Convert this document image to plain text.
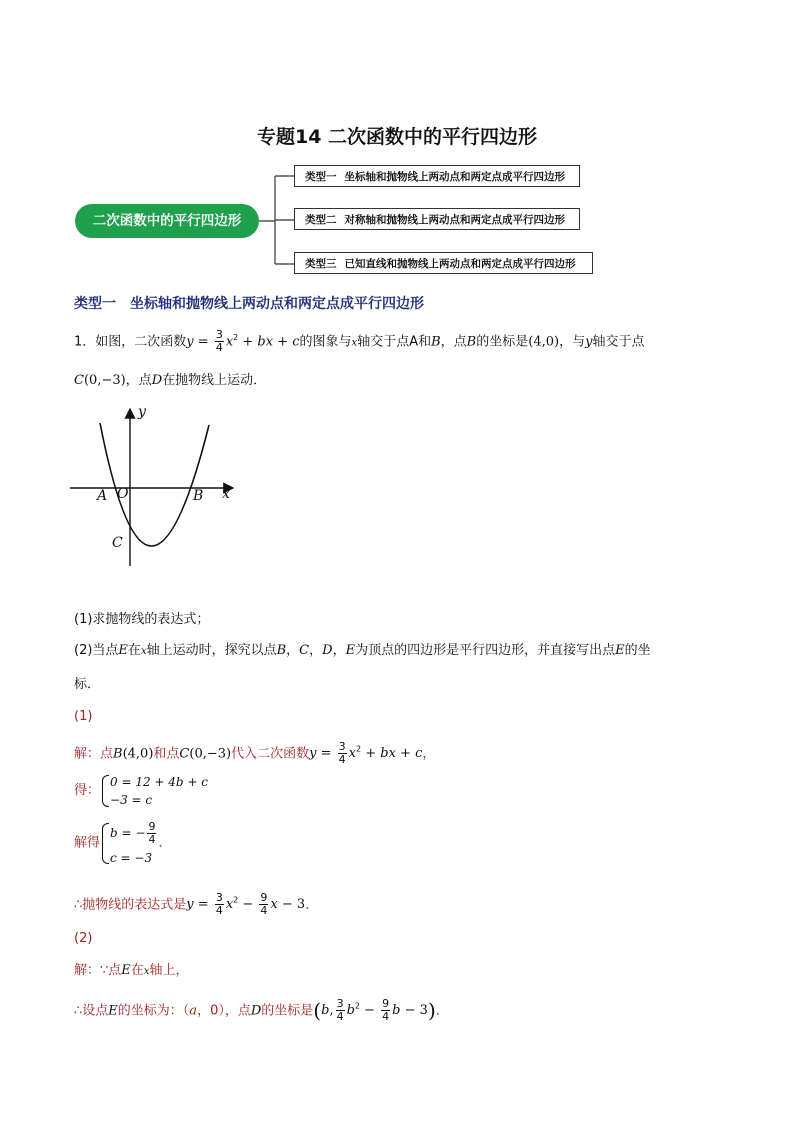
专题14 二次函数中的平行四边形
二次函数中的平行四边形
类型一 坐标轴和抛物线上两动点和两定点成平行四边形
类型二 对称轴和抛物线上两动点和两定点成平行四边形
类型三 已知直线和抛物线上两动点和两定点成平行四边形
类型一 坐标轴和抛物线上两动点和两定点成平行四边形
1．如图，二次函数$y = \frac{3}{4} x^2$ + bx + c的图象与x轴交于点A和B，点B的坐标是(4,0)，与y轴交于点
C(0,−3)，点D在抛物线上运动．
y
x
A O	B
C
(1)求抛物线的表达式；
(2)当点E在x轴上运动时，探究以点B，C，D，E为顶点的四边形是平行四边形，并直接写出点E的坐
标．
(1)
解：点B(4,0)和点C(0,−3)代入二次函数$y = \frac{3}{4} x^2$ + bx + c，
得：
0 = 12 + 4b + c
−3 = c
解得
b = − $\frac{9}{4}$
c = −3
．
∴抛物线的表达式是$y = \frac{3}{4} x^2 - \frac{9}{4}$ x − 3．
(2)
解：∵点E在x轴上，
∴设点E的坐标为：（a，0），点D的坐标是(b, $\frac{3}{4} b^2 - \frac{9}{4}$ b − 3)．
